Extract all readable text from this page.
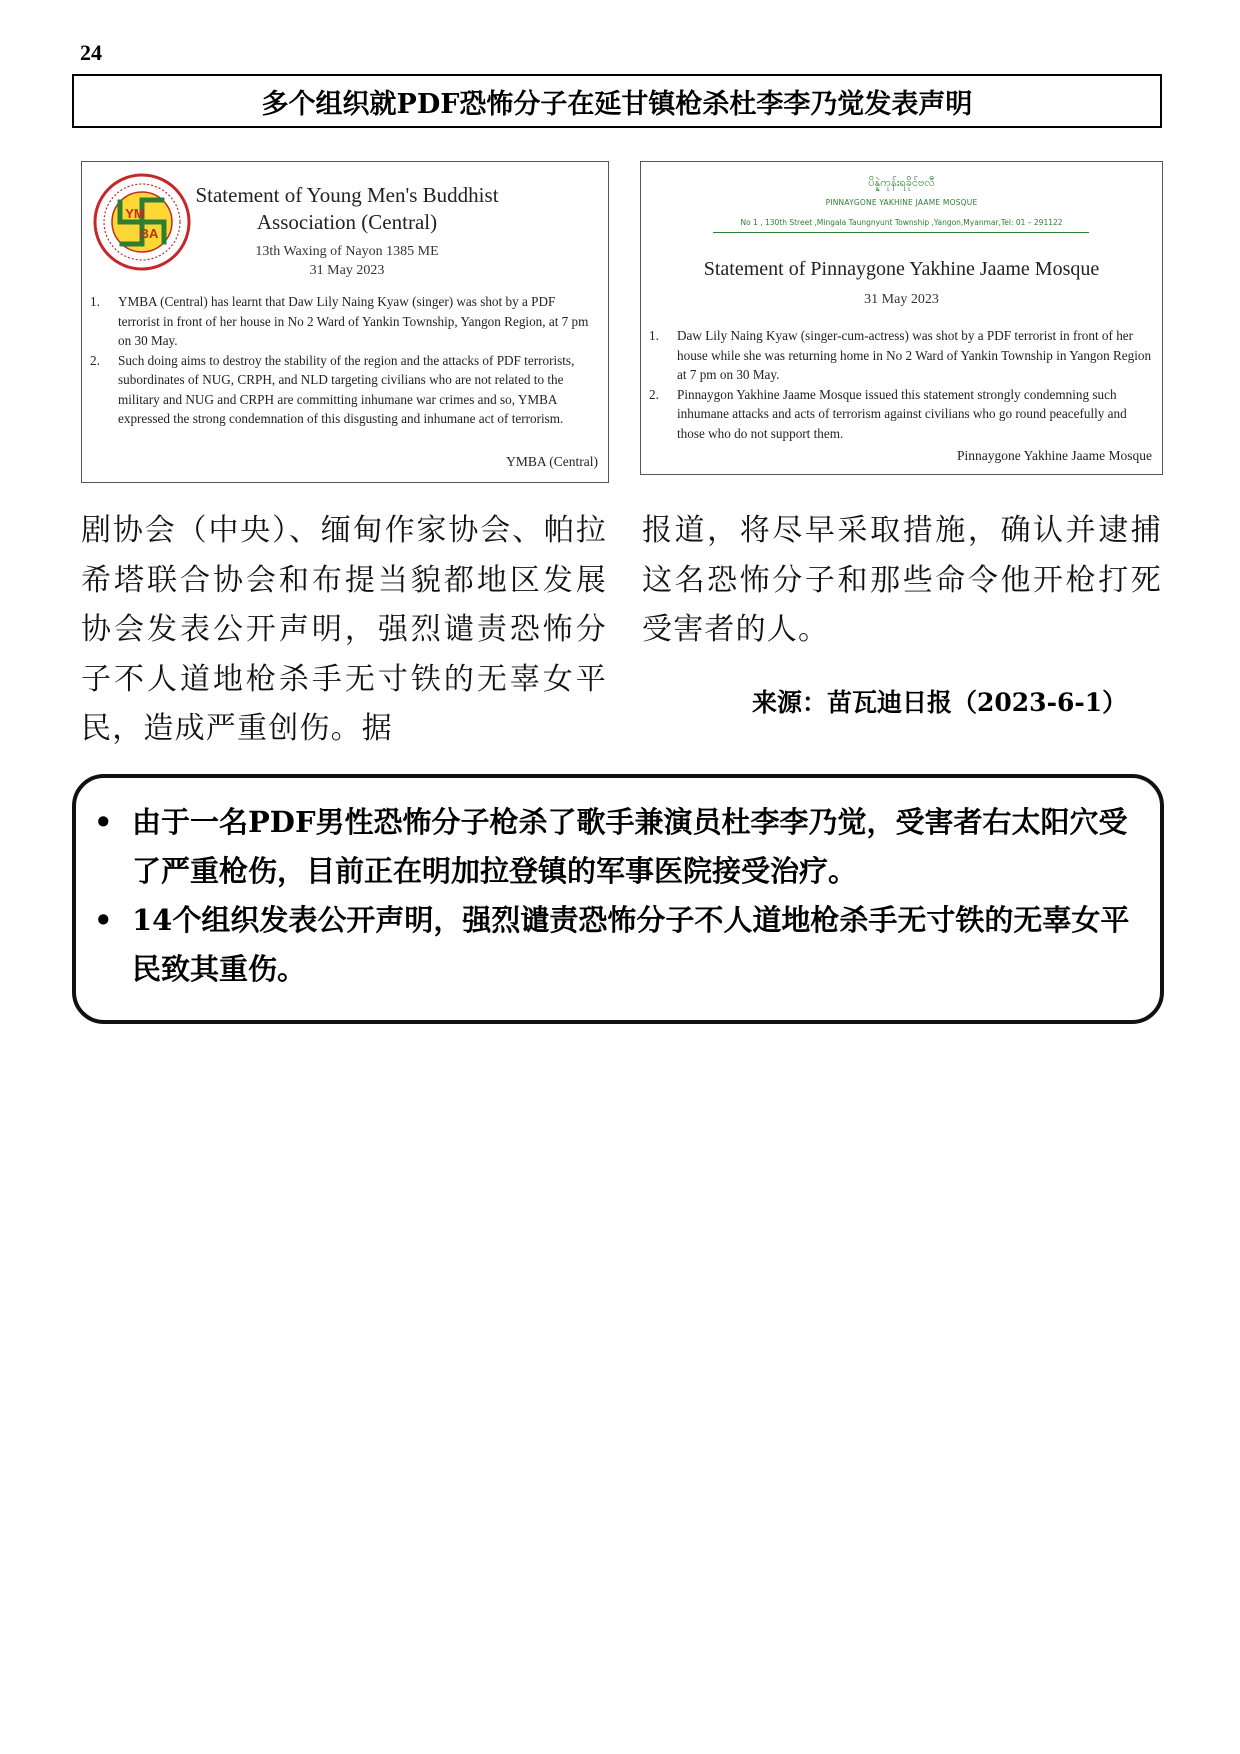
24
多个组织就PDF恐怖分子在延甘镇枪杀杜李李乃觉发表声明
YM
BA
Statement of Young Men's Buddhist Association (Central)
13th Waxing of Nayon 1385 ME
31 May 2023
1. YMBA (Central) has learnt that Daw Lily Naing Kyaw (singer) was shot by a PDF terrorist in front of her house in No 2 Ward of Yankin Township, Yangon Region, at 7 pm on 30 May.
2. Such doing aims to destroy the stability of the region and the attacks of PDF terrorists, subordinates of NUG, CRPH, and NLD targeting civilians who are not related to the military and NUG and CRPH are committing inhumane war crimes and so, YMBA expressed the strong condemnation of this disgusting and inhumane act of terrorism.
YMBA (Central)
ပိန္နဲကုန်းရခိုင်ဗလီ
PINNAYGONE YAKHINE JAAME MOSQUE
No 1 , 130th Street ,Mingala Taungnyunt Township ,Yangon,Myanmar,Tel: 01 – 291122
Statement of Pinnaygone Yakhine Jaame Mosque
31 May 2023
1. Daw Lily Naing Kyaw (singer-cum-actress) was shot by a PDF terrorist in front of her house while she was returning home in No 2 Ward of Yankin Township in Yangon Region at 7 pm on 30 May.
2. Pinnaygon Yakhine Jaame Mosque issued this statement strongly condemning such inhumane attacks and acts of terrorism against civilians who go round peacefully and those who do not support them.
Pinnaygone Yakhine Jaame Mosque
剧协会（中央）、缅甸作家协会、帕拉希塔联合协会和布提当貌都地区发展协会发表公开声明，强烈谴责恐怖分子不人道地枪杀手无寸铁的无辜女平民，造成严重创伤。据
报道，将尽早采取措施，确认并逮捕这名恐怖分子和那些命令他开枪打死受害者的人。
来源：苗瓦迪日报（2023-6-1）
• 由于一名PDF男性恐怖分子枪杀了歌手兼演员杜李李乃觉，受害者右太阳穴受了严重枪伤，目前正在明加拉登镇的军事医院接受治疗。
• 14个组织发表公开声明，强烈谴责恐怖分子不人道地枪杀手无寸铁的无辜女平民致其重伤。
